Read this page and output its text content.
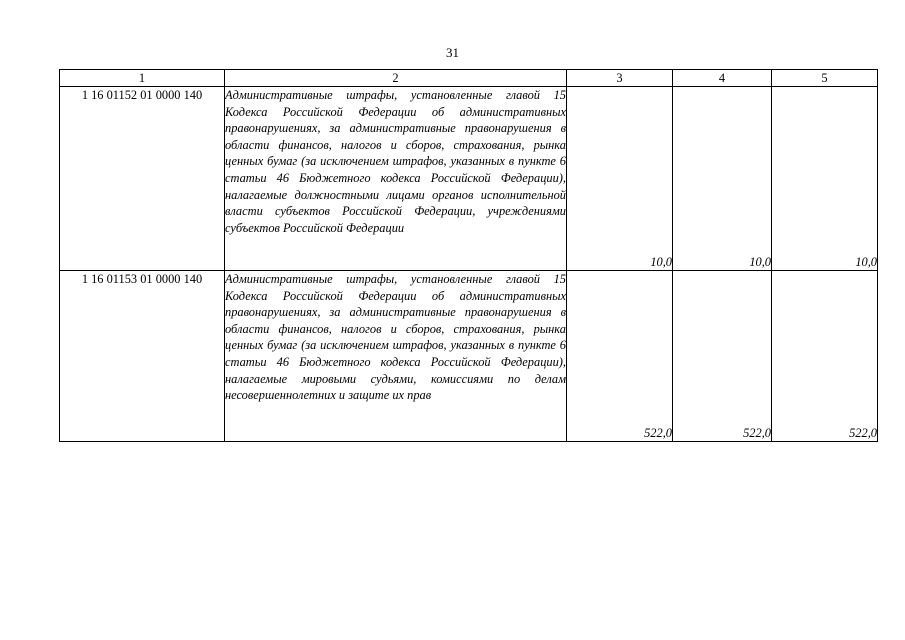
31
1	2	3	4	5
1 16 01152 01 0000 140	Административные штрафы, установленные главой 15 Кодекса Российской Федерации об административных правонарушениях, за административные правонарушения в области финансов, налогов и сборов, страхования, рынка ценных бумаг (за исключением штрафов, указанных в пункте 6 статьи 46 Бюджетного кодекса Российской Федерации), налагаемые должностными лицами органов исполнительной власти субъектов Российской Федерации, учреждениями субъектов Российской Федерации	10,0	10,0	10,0
1 16 01153 01 0000 140	Административные штрафы, установленные главой 15 Кодекса Российской Федерации об административных правонарушениях, за административные правонарушения в области финансов, налогов и сборов, страхования, рынка ценных бумаг (за исключением штрафов, указанных в пункте 6 статьи 46 Бюджетного кодекса Российской Федерации), налагаемые мировыми судьями, комиссиями по делам несовершеннолетних и защите их прав	522,0	522,0	522,0
